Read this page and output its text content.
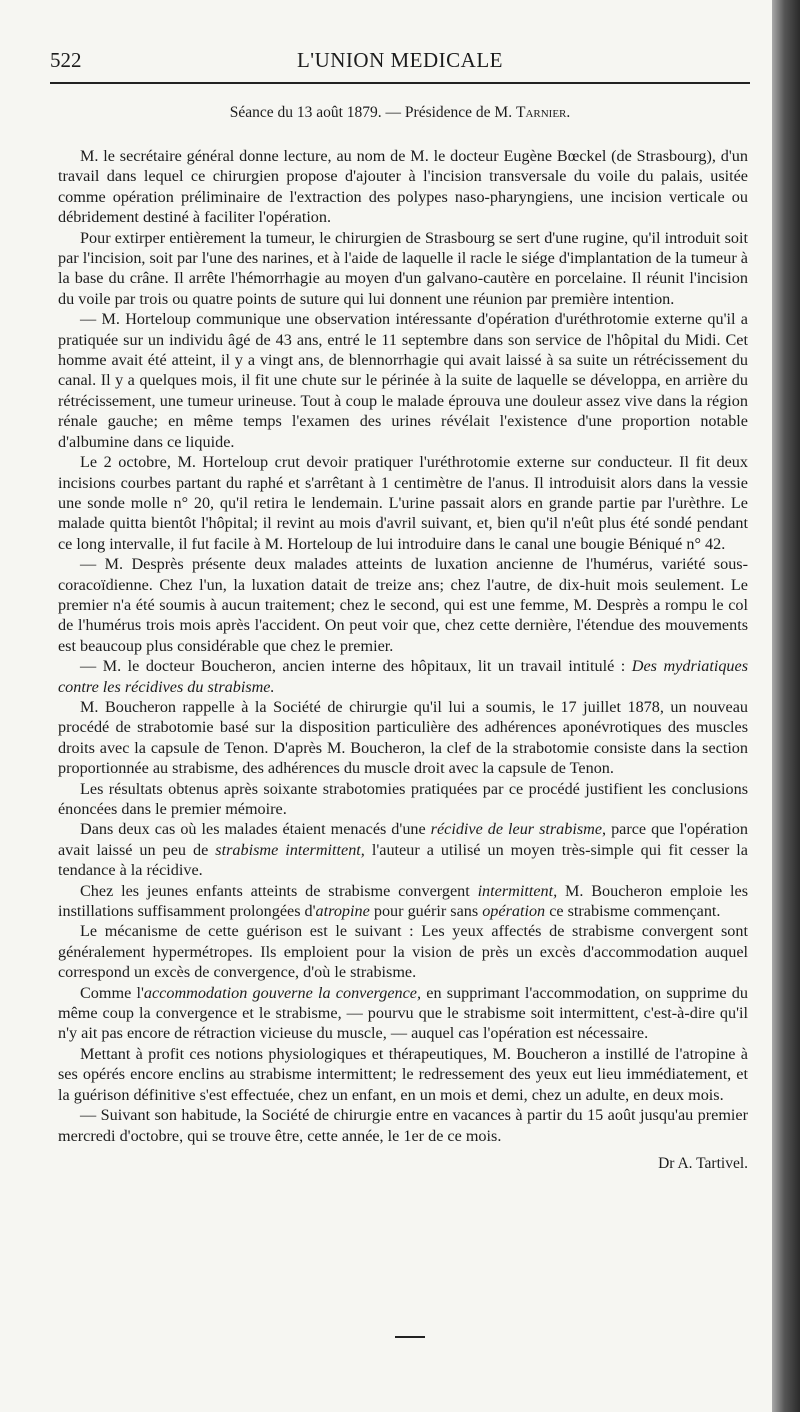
522	L'UNION MEDICALE
Séance du 13 août 1879. — Présidence de M. Tarnier.

M. le secrétaire général donne lecture, au nom de M. le docteur Eugène Bœckel (de Strasbourg), d'un travail dans lequel ce chirurgien propose d'ajouter à l'incision transversale du voile du palais, usitée comme opération préliminaire de l'extraction des polypes naso-pharyngiens, une incision verticale ou débridement destiné à faciliter l'opération.

Pour extirper entièrement la tumeur, le chirurgien de Strasbourg se sert d'une rugine, qu'il introduit soit par l'incision, soit par l'une des narines, et à l'aide de laquelle il racle le siége d'implantation de la tumeur à la base du crâne. Il arrête l'hémorrhagie au moyen d'un galvano-cautère en porcelaine. Il réunit l'incision du voile par trois ou quatre points de suture qui lui donnent une réunion par première intention.

— M. Horteloup communique une observation intéressante d'opération d'uréthrotomie externe qu'il a pratiquée sur un individu âgé de 43 ans, entré le 11 septembre dans son service de l'hôpital du Midi. Cet homme avait été atteint, il y a vingt ans, de blennorrhagie qui avait laissé à sa suite un rétrécissement du canal. Il y a quelques mois, il fit une chute sur le périnée à la suite de laquelle se développa, en arrière du rétrécissement, une tumeur urineuse. Tout à coup le malade éprouva une douleur assez vive dans la région rénale gauche; en même temps l'examen des urines révélait l'existence d'une proportion notable d'albumine dans ce liquide.

Le 2 octobre, M. Horteloup crut devoir pratiquer l'uréthrotomie externe sur conducteur. Il fit deux incisions courbes partant du raphé et s'arrêtant à 1 centimètre de l'anus. Il introduisit alors dans la vessie une sonde molle n° 20, qu'il retira le lendemain. L'urine passait alors en grande partie par l'urèthre. Le malade quitta bientôt l'hôpital; il revint au mois d'avril suivant, et, bien qu'il n'eût plus été sondé pendant ce long intervalle, il fut facile à M. Horteloup de lui introduire dans le canal une bougie Béniqué n° 42.

— M. Desprès présente deux malades atteints de luxation ancienne de l'humérus, variété sous-coracoïdienne. Chez l'un, la luxation datait de treize ans; chez l'autre, de dix-huit mois seulement. Le premier n'a été soumis à aucun traitement; chez le second, qui est une femme, M. Desprès a rompu le col de l'humérus trois mois après l'accident. On peut voir que, chez cette dernière, l'étendue des mouvements est beaucoup plus considérable que chez le premier.

— M. le docteur Boucheron, ancien interne des hôpitaux, lit un travail intitulé : Des mydriatiques contre les récidives du strabisme.

M. Boucheron rappelle à la Société de chirurgie qu'il lui a soumis, le 17 juillet 1878, un nouveau procédé de strabotomie basé sur la disposition particulière des adhérences aponévrotiques des muscles droits avec la capsule de Tenon. D'après M. Boucheron, la clef de la strabotomie consiste dans la section proportionnée au strabisme, des adhérences du muscle droit avec la capsule de Tenon.

Les résultats obtenus après soixante strabotomies pratiquées par ce procédé justifient les conclusions énoncées dans le premier mémoire.

Dans deux cas où les malades étaient menacés d'une récidive de leur strabisme, parce que l'opération avait laissé un peu de strabisme intermittent, l'auteur a utilisé un moyen très-simple qui fit cesser la tendance à la récidive.

Chez les jeunes enfants atteints de strabisme convergent intermittent, M. Boucheron emploie les instillations suffisamment prolongées d'atropine pour guérir sans opération ce strabisme commençant.

Le mécanisme de cette guérison est le suivant : Les yeux affectés de strabisme convergent sont généralement hypermétropes. Ils emploient pour la vision de près un excès d'accommodation auquel correspond un excès de convergence, d'où le strabisme.

Comme l'accommodation gouverne la convergence, en supprimant l'accommodation, on supprime du même coup la convergence et le strabisme, — pourvu que le strabisme soit intermittent, c'est-à-dire qu'il n'y ait pas encore de rétraction vicieuse du muscle, — auquel cas l'opération est nécessaire.

Mettant à profit ces notions physiologiques et thérapeutiques, M. Boucheron a instillé de l'atropine à ses opérés encore enclins au strabisme intermittent; le redressement des yeux eut lieu immédiatement, et la guérison définitive s'est effectuée, chez un enfant, en un mois et demi, chez un adulte, en deux mois.

— Suivant son habitude, la Société de chirurgie entre en vacances à partir du 15 août jusqu'au premier mercredi d'octobre, qui se trouve être, cette année, le 1er de ce mois.

Dr A. Tartivel.
